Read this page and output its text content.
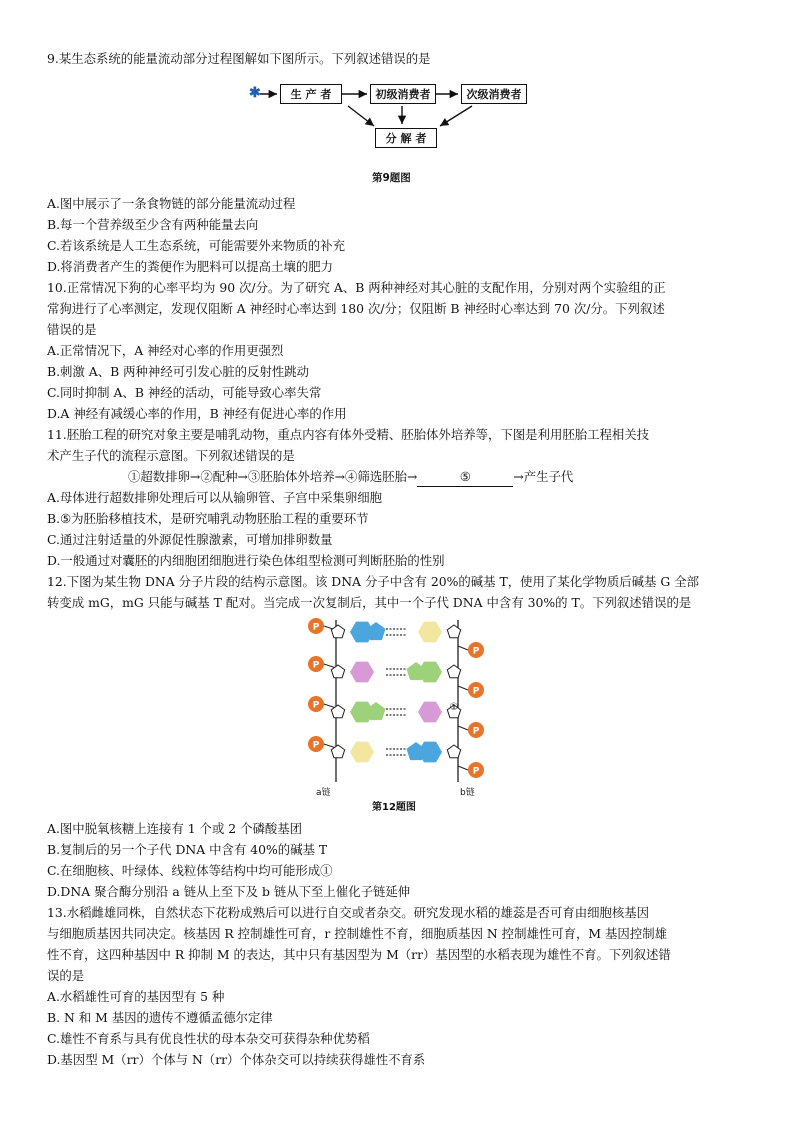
9.某生态系统的能量流动部分过程图解如下图所示。下列叙述错误的是
✱	生 产 者	初级消费者	次级消费者
分 解 者
第9题图
A.图中展示了一条食物链的部分能量流动过程
B.每一个营养级至少含有两种能量去向
C.若该系统是人工生态系统，可能需要外来物质的补充
D.将消费者产生的粪便作为肥料可以提高土壤的肥力
10.正常情况下狗的心率平均为 90 次/分。为了研究 A、B 两种神经对其心脏的支配作用，分别对两个实验组的正
常狗进行了心率测定，发现仅阻断 A 神经时心率达到 180 次/分；仅阻断 B 神经时心率达到 70 次/分。下列叙述
错误的是
A.正常情况下，A 神经对心率的作用更强烈
B.刺激 A、B 两种神经可引发心脏的反射性跳动
C.同时抑制 A、B 神经的活动，可能导致心率失常
D.A 神经有减缓心率的作用，B 神经有促进心率的作用
11.胚胎工程的研究对象主要是哺乳动物，重点内容有体外受精、胚胎体外培养等，下图是利用胚胎工程相关技
术产生子代的流程示意图。下列叙述错误的是
①超数排卵→②配种→③胚胎体外培养→④筛选胚胎→	⑤	→产生子代
A.母体进行超数排卵处理后可以从输卵管、子宫中采集卵细胞
B.⑤为胚胎移植技术，是研究哺乳动物胚胎工程的重要环节
C.通过注射适量的外源促性腺激素，可增加排卵数量
D.一般通过对囊胚的内细胞团细胞进行染色体组型检测可判断胚胎的性别
12.下图为某生物 DNA 分子片段的结构示意图。该 DNA 分子中含有 20%的碱基 T，使用了某化学物质后碱基 G 全部
转变成 mG，mG 只能与碱基 T 配对。当完成一次复制后，其中一个子代 DNA 中含有 30%的 T。下列叙述错误的是
P
P
P
P
P
P
P
P
①
a链	b链
第12题图
A.图中脱氧核糖上连接有 1 个或 2 个磷酸基团
B.复制后的另一个子代 DNA 中含有 40%的碱基 T
C.在细胞核、叶绿体、线粒体等结构中均可能形成①
D.DNA 聚合酶分别沿 a 链从上至下及 b 链从下至上催化子链延伸
13.水稻雌雄同株，自然状态下花粉成熟后可以进行自交或者杂交。研究发现水稻的雄蕊是否可育由细胞核基因
与细胞质基因共同决定。核基因 R 控制雄性可育，r 控制雄性不育，细胞质基因 N 控制雄性可育，M 基因控制雄
性不育，这四种基因中 R 抑制 M 的表达，其中只有基因型为 M（rr）基因型的水稻表现为雄性不育。下列叙述错
误的是
A.水稻雄性可育的基因型有 5 种
B. N 和 M 基因的遗传不遵循孟德尔定律
C.雄性不育系与具有优良性状的母本杂交可获得杂种优势稻
D.基因型 M（rr）个体与 N（rr）个体杂交可以持续获得雄性不育系
